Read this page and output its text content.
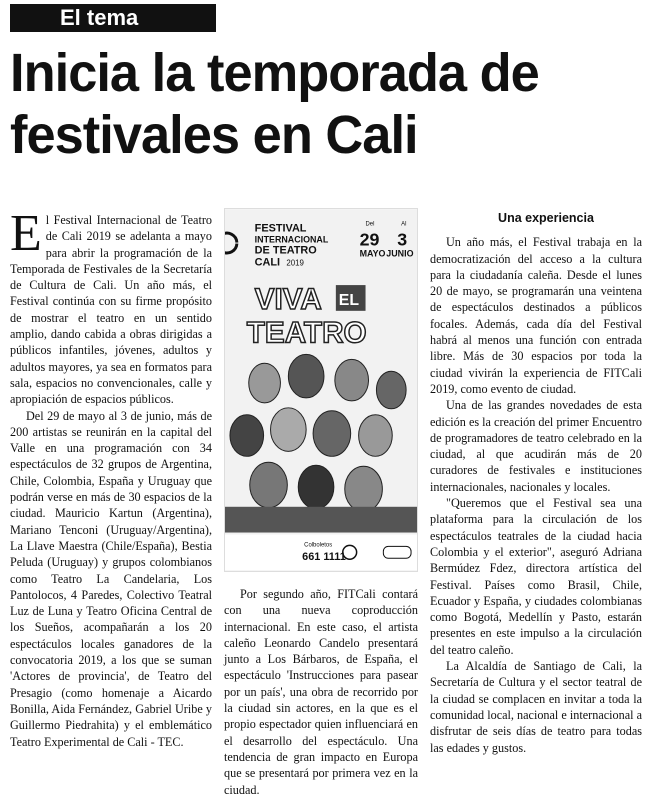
El tema
Inicia la temporada de festivales en Cali

El Festival Internacional de Teatro de Cali 2019 se adelanta a mayo para abrir la programación de la Temporada de Festivales de la Secretaría de Cultura de Cali. Un año más, el Festival continúa con su firme propósito de mostrar el teatro en un sentido amplio, dando cabida a obras dirigidas a públicos infantiles, jóvenes, adultos y adultos mayores, ya sea en formatos para sala, espacios no convencionales, calle y apropiación de espacios públicos.

Del 29 de mayo al 3 de junio, más de 200 artistas se reunirán en la capital del Valle en una programación con 34 espectáculos de 32 grupos de Argentina, Chile, Colombia, España y Uruguay que podrán verse en más de 30 espacios de la ciudad. Mauricio Kartun (Argentina), Mariano Tenconi (Uruguay/Argentina), La Llave Maestra (Chile/España), Bestia Peluda (Uruguay) y grupos colombianos como Teatro La Candelaria, Los Pantolocos, 4 Paredes, Colectivo Teatral Luz de Luna y Teatro Oficina Central de los Sueños, acompañarán a los 20 espectáculos locales ganadores de la convocatoria 2019, a los que se suman 'Actores de provincia', de Teatro del Presagio (como homenaje a Aicardo Bonilla, Aida Fernández, Gabriel Uribe y Guillermo Piedrahita) y el emblemático Teatro Experimental de Cali - TEC.

FESTIVAL
INTERNACIONAL
DE TEATRO
CALI 2019
Del
29
MAYO
Al
3
JUNIO
VIVA EL
TEATRO
Colboletos
661 1111

Por segundo año, FITCali contará con una nueva coproducción internacional. En este caso, el artista caleño Leonardo Candelo presentará junto a Los Bárbaros, de España, el espectáculo 'Instrucciones para pasear por un país', una obra de recorrido por la ciudad sin actores, en la que es el propio espectador quien influenciará en el desarrollo del espectáculo. Una tendencia de gran impacto en Europa que se presentará por primera vez en la ciudad.

Una experiencia

Un año más, el Festival trabaja en la democratización del acceso a la cultura para la ciudadanía caleña. Desde el lunes 20 de mayo, se programarán una veintena de espectáculos destinados a públicos focales. Además, cada día del Festival habrá al menos una función con entrada libre. Más de 30 espacios por toda la ciudad vivirán la experiencia de FITCali 2019, como evento de ciudad.

Una de las grandes novedades de esta edición es la creación del primer Encuentro de programadores de teatro celebrado en la ciudad, al que acudirán más de 20 curadores de festivales e instituciones internacionales, nacionales y locales.

"Queremos que el Festival sea una plataforma para la circulación de los espectáculos teatrales de la ciudad hacia Colombia y el exterior", aseguró Adriana Bermúdez Fdez, directora artística del Festival. Países como Brasil, Chile, Ecuador y España, y ciudades colombianas como Bogotá, Medellín y Pasto, estarán presentes en este impulso a la circulación del teatro caleño.

La Alcaldía de Santiago de Cali, la Secretaría de Cultura y el sector teatral de la ciudad se complacen en invitar a toda la comunidad local, nacional e internacional a disfrutar de seis días de teatro para todas las edades y gustos.
